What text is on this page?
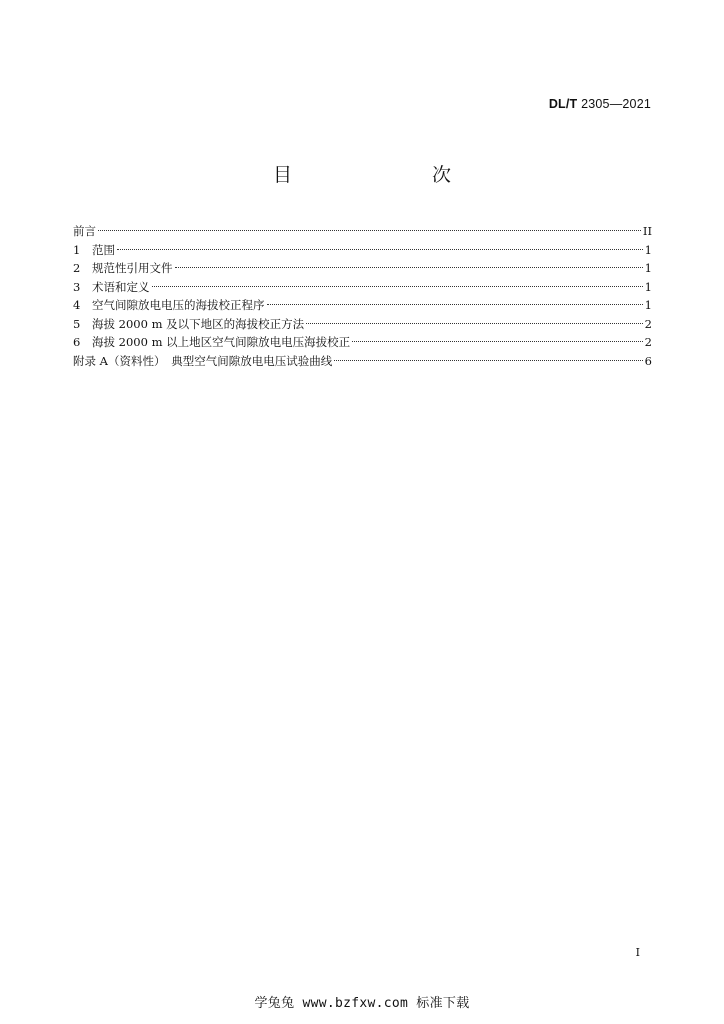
DL/T 2305—2021
目　　次
前言	II
1	范围	1
2	规范性引用文件	1
3	术语和定义	1
4	空气间隙放电电压的海拔校正程序	1
5	海拔 2000 m 及以下地区的海拔校正方法	2
6	海拔 2000 m 以上地区空气间隙放电电压海拔校正	2
附录 A（资料性）　典型空气间隙放电电压试验曲线	6
I
学兔兔 www.bzfxw.com 标准下载
